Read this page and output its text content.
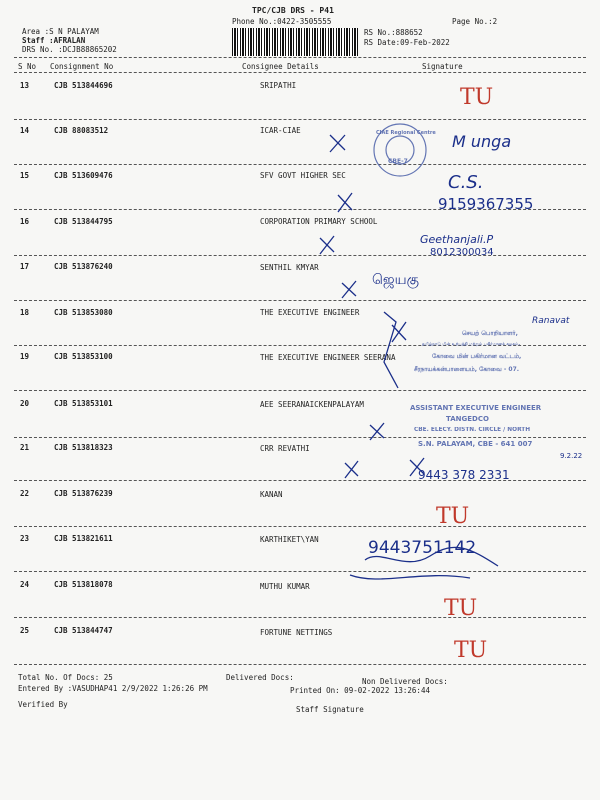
TPC/CJB DRS - P41
Phone No.:0422-3505555
Area :S N PALAYAM
Staff :AFRALAN
DRS No. :DCJB88865202
RS No.:888652
RS Date:09-Feb-2022
Page No.:2
S No Consignment No	Consignee Details	Signature
13	CJB 513844696	SRIPATHI
14	CJB 88083512	ICAR-CIAE
15	CJB 513609476	SFV GOVT HIGHER SEC
16	CJB 513844795	CORPORATION PRIMARY SCHOOL
17	CJB 513876240	SENTHIL KMYAR
18	CJB 513853080	THE EXECUTIVE ENGINEER
19	CJB 513853100	THE EXECUTIVE ENGINEER SEERANA
20	CJB 513853101	AEE SEERANAICKENPALAYAM
21	CJB 513818323	CRR REVATHI
22	CJB 513876239	KANAN
23	CJB 513821611	KARTHIKET\YAN
24	CJB 513818078	MUTHU KUMAR
25	CJB 513844747	FORTUNE NETTINGS
Total No. Of Docs: 25	Delivered Docs:	Non Delivered Docs:
Entered By :VASUDHAP41 2/9/2022 1:26:26 PM	Printed On: 09-02-2022 13:26:44
Verified By
Staff Signature
CIAE Regional Centre
CBE-7
செயற் பொறியாளர்,
தமிழ்நாடு மின் உற்பத்தி மற்றும் பகிர்மானக் கழகம்,
கோவை மின் பகிர்மான வட்டம்,
சீரநாயக்கன்பாளையம், கோவை - 07.
ASSISTANT EXECUTIVE ENGINEER
TANGEDCO
CBE. ELECY. DISTN. CIRCLE / NORTH
S.N. PALAYAM, CBE - 641 007
TU
M unga
C.S.
9159367355
Geethanjali.P
8012300034
ஜெயகு
Ranavat
9.2.22
9443 378 2331
TU
9443751142
TU
TU
